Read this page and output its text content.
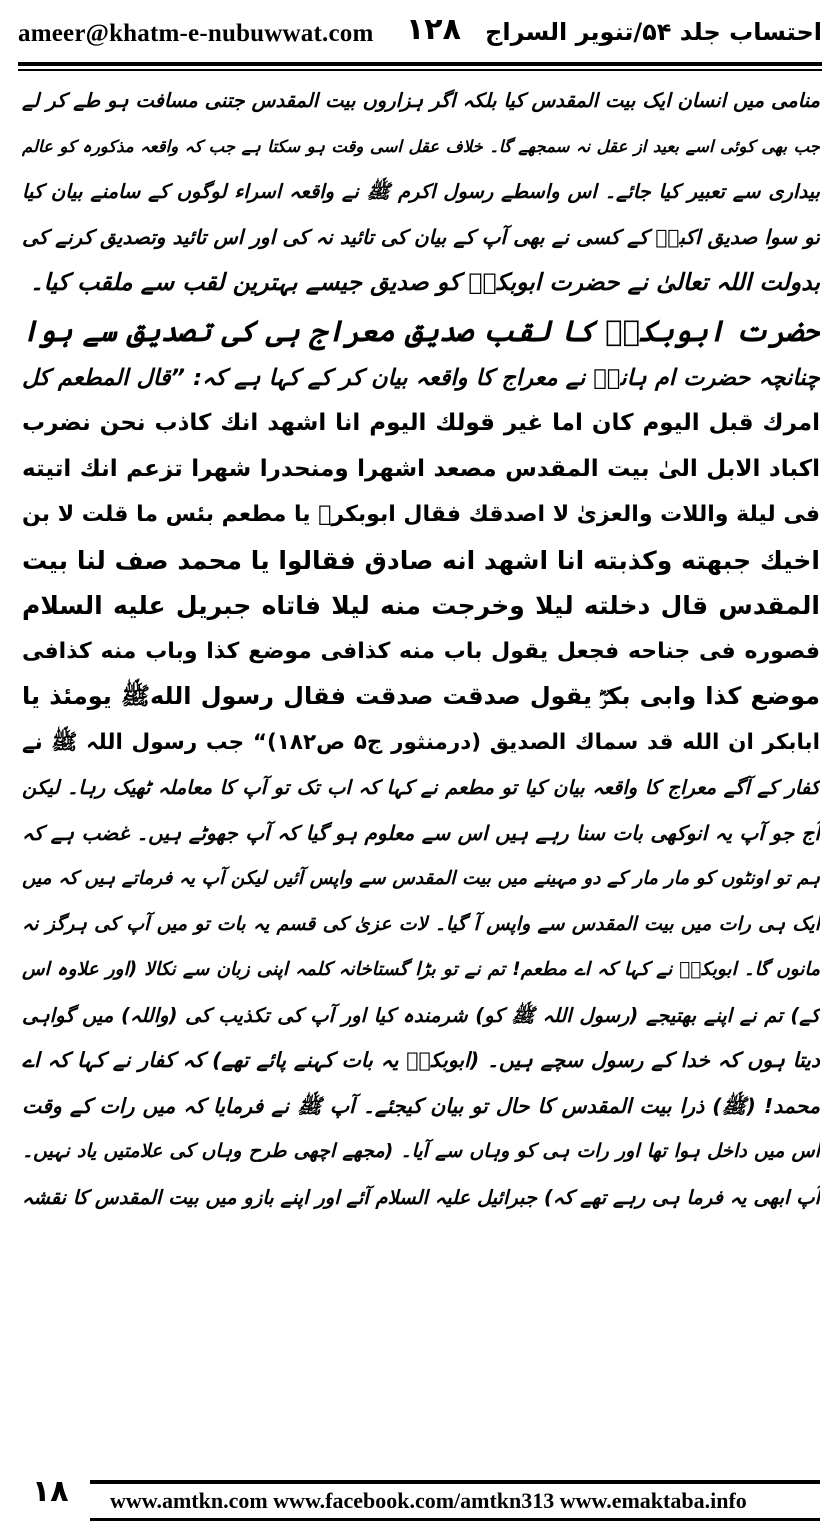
ameer@khatm-e-nubuwwat.com ۱۲۸ احتساب جلد ۵۴/تنویر السراج
منامی میں انسان ایک بیت المقدس کیا بلکہ اگر ہزاروں بیت المقدس جتنی مسافت ہو طے کر لے
جب بھی کوئی اسے بعید از عقل نہ سمجھے گا۔ خلاف عقل اسی وقت ہو سکتا ہے جب کہ واقعہ مذکورہ کو عالم
بیداری سے تعبیر کیا جائے۔ اس واسطے رسول اکرم ﷺ نے واقعہ اسراء لوگوں کے سامنے بیان کیا
تو سوا صدیق اکبرؓ کے کسی نے بھی آپ کے بیان کی تائید نہ کی اور اس تائید وتصدیق کرنے کی
بدولت اللہ تعالیٰ نے حضرت ابوبکرؓ کو صدیق جیسے بہترین لقب سے ملقب کیا۔
حضرت ابوبکرؓ کا لقب صدیق معراج ہی کی تصدیق سے ہوا
چنانچہ حضرت ام ہانیؓ نے معراج کا واقعہ بیان کر کے کہا ہے کہ: ”قال المطعم کل
امرك قبل اليوم كان اما غير قولك اليوم انا اشهد انك كاذب نحن نضرب
اكباد الابل الىٰ بيت المقدس مصعد اشهرا ومنحدرا شهرا تزعم انك اتيته
فى ليلة واللات والعزىٰ لا اصدقك فقال ابوبكرؓ يا مطعم بئس ما قلت لا بن
اخيك جبهته وكذبته انا اشهد انه صادق فقالوا يا محمد صف لنا بيت
المقدس قال دخلته ليلا وخرجت منه ليلا فاتاه جبريل عليه السلام
فصوره فى جناحه فجعل يقول باب منه كذافى موضع كذا وباب منه كذافى
موضع كذا وابى بكرؓ يقول صدقت صدقت فقال رسول اللهﷺ يومئذ يا
ابابكر ان الله قد سماك الصديق (درمنثور ج۵ ص۱۸۲)“ جب رسول اللہ ﷺ نے
کفار کے آگے معراج کا واقعہ بیان کیا تو مطعم نے کہا کہ اب تک تو آپ کا معاملہ ٹھیک رہا۔ لیکن
آج جو آپ یہ انوکھی بات سنا رہے ہیں اس سے معلوم ہو گیا کہ آپ جھوٹے ہیں۔ غضب ہے کہ
ہم تو اونٹوں کو مار مار کے دو مہینے میں بیت المقدس سے واپس آئیں لیکن آپ یہ فرماتے ہیں کہ میں
ایک ہی رات میں بیت المقدس سے واپس آ گیا۔ لات عزیٰ کی قسم یہ بات تو میں آپ کی ہرگز نہ
مانوں گا۔ ابوبکرؓ نے کہا کہ اے مطعم! تم نے تو بڑا گستاخانہ کلمہ اپنی زبان سے نکالا (اور علاوہ اس
کے) تم نے اپنے بھتیجے (رسول اللہ ﷺ کو) شرمندہ کیا اور آپ کی تکذیب کی (واللہ) میں گواہی
دیتا ہوں کہ خدا کے رسول سچے ہیں۔ (ابوبکرؓ یہ بات کہنے پائے تھے) کہ کفار نے کہا کہ اے
محمد! (ﷺ) ذرا بیت المقدس کا حال تو بیان کیجئے۔ آپ ﷺ نے فرمایا کہ میں رات کے وقت
اس میں داخل ہوا تھا اور رات ہی کو وہاں سے آیا۔ (مجھے اچھی طرح وہاں کی علامتیں یاد نہیں۔
آپ ابھی یہ فرما ہی رہے تھے کہ) جبرائیل علیہ السلام آئے اور اپنے بازو میں بیت المقدس کا نقشہ
۱۸ www.amtkn.com www.facebook.com/amtkn313 www.emaktaba.info
